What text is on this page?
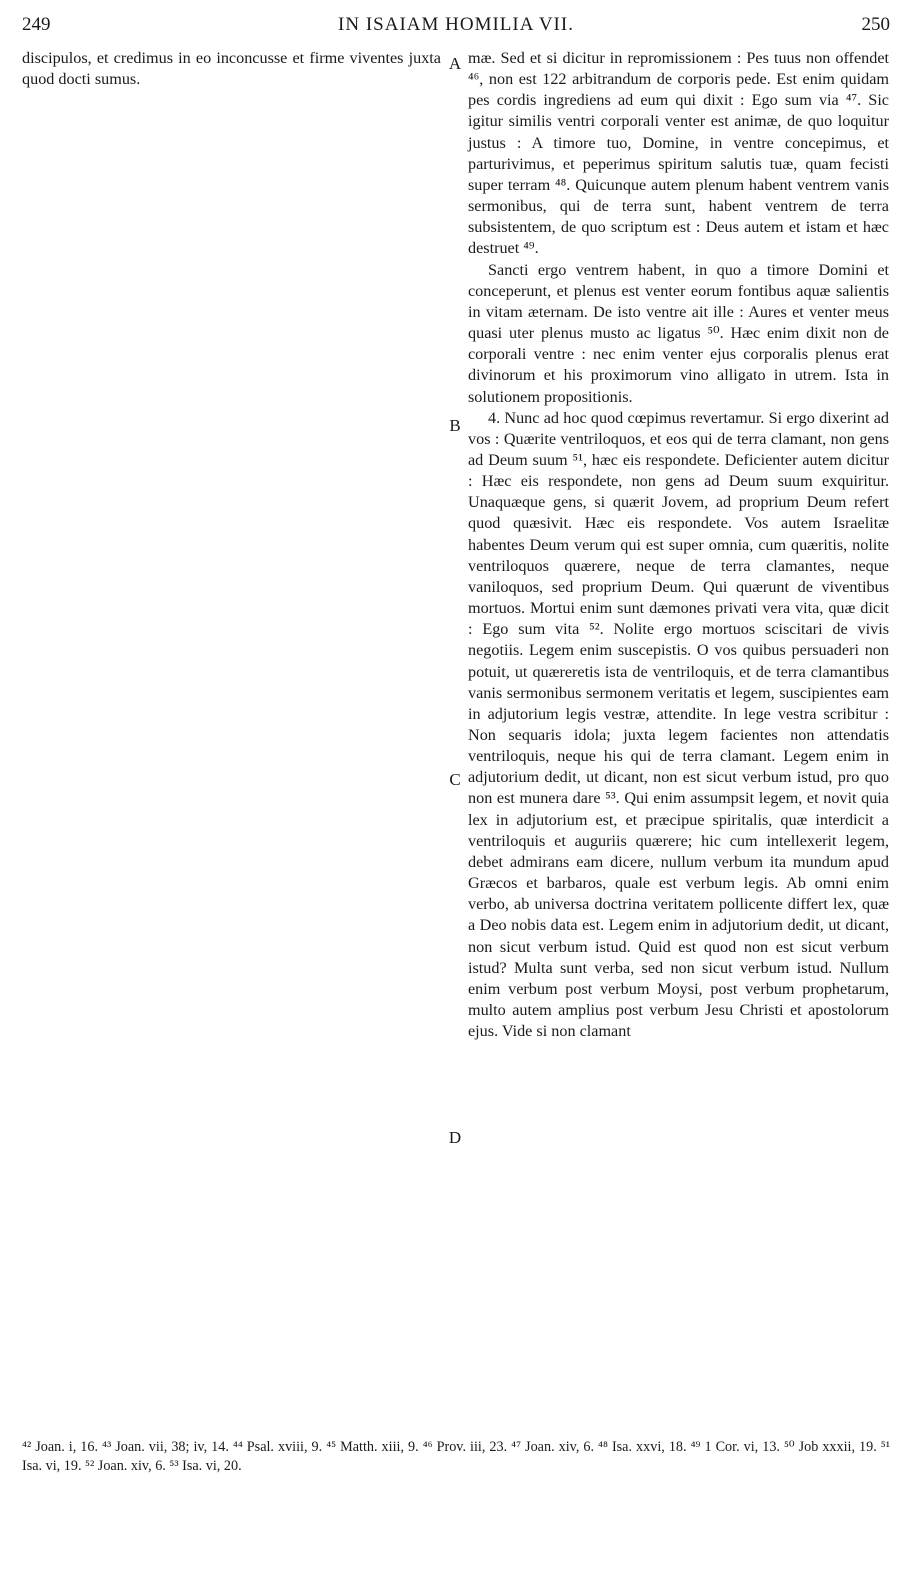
249	IN ISAIAM HOMILIA VII.	250

discipulos, et credimus in eo inconcusse et firme viventes juxta quod docti sumus.

A
B
C
D

mæ. Sed et si dicitur in repromissionem : Pes tuus non offendet ⁴⁶, non est 122 arbitrandum de corporis pede. Est enim quidam pes cordis ingrediens ad eum qui dixit : Ego sum via ⁴⁷. Sic igitur similis ventri corporali venter est animæ, de quo loquitur justus : A timore tuo, Domine, in ventre concepimus, et parturivimus, et peperimus spiritum salutis tuæ, quam fecisti super terram ⁴⁸. Quicunque autem plenum habent ventrem vanis sermonibus, qui de terra sunt, habent ventrem de terra subsistentem, de quo scriptum est : Deus autem et istam et hæc destruet ⁴⁹.

Sancti ergo ventrem habent, in quo a timore Domini et conceperunt, et plenus est venter eorum fontibus aquæ salientis in vitam æternam. De isto ventre ait ille : Aures et venter meus quasi uter plenus musto ac ligatus ⁵⁰. Hæc enim dixit non de corporali ventre : nec enim venter ejus corporalis plenus erat divinorum et his proximorum vino alligato in utrem. Ista in solutionem propositionis.

4. Nunc ad hoc quod cœpimus revertamur. Si ergo dixerint ad vos : Quærite ventriloquos, et eos qui de terra clamant, non gens ad Deum suum ⁵¹, hæc eis respondete. Deficienter autem dicitur : Hæc eis respondete, non gens ad Deum suum exquiritur. Unaquæque gens, si quærit Jovem, ad proprium Deum refert quod quæsivit. Hæc eis respondete. Vos autem Israelitæ habentes Deum verum qui est super omnia, cum quæritis, nolite ventriloquos quærere, neque de terra clamantes, neque vaniloquos, sed proprium Deum. Qui quærunt de viventibus mortuos. Mortui enim sunt dæmones privati vera vita, quæ dicit : Ego sum vita ⁵². Nolite ergo mortuos sciscitari de vivis negotiis. Legem enim suscepistis. O vos quibus persuaderi non potuit, ut quæreretis ista de ventriloquis, et de terra clamantibus vanis sermonibus sermonem veritatis et legem, suscipientes eam in adjutorium legis vestræ, attendite. In lege vestra scribitur : Non sequaris idola; juxta legem facientes non attendatis ventriloquis, neque his qui de terra clamant. Legem enim in adjutorium dedit, ut dicant, non est sicut verbum istud, pro quo non est munera dare ⁵³. Qui enim assumpsit legem, et novit quia lex in adjutorium est, et præcipue spiritalis, quæ interdicit a ventriloquis et auguriis quærere; hic cum intellexerit legem, debet admirans eam dicere, nullum verbum ita mundum apud Græcos et barbaros, quale est verbum legis. Ab omni enim verbo, ab universa doctrina veritatem pollicente differt lex, quæ a Deo nobis data est. Legem enim in adjutorium dedit, ut dicant, non sicut verbum istud. Quid est quod non est sicut verbum istud? Multa sunt verba, sed non sicut verbum istud. Nullum enim verbum post verbum Moysi, post verbum prophetarum, multo autem amplius post verbum Jesu Christi et apostolorum ejus. Vide si non clamant

⁴² Joan. i, 16. ⁴³ Joan. vii, 38; iv, 14. ⁴⁴ Psal. xviii, 9. ⁴⁵ Matth. xiii, 9. ⁴⁶ Prov. iii, 23. ⁴⁷ Joan. xiv, 6. ⁴⁸ Isa. xxvi, 18. ⁴⁹ 1 Cor. vi, 13. ⁵⁰ Job xxxii, 19. ⁵¹ Isa. vi, 19. ⁵² Joan. xiv, 6. ⁵³ Isa. vi, 20.
